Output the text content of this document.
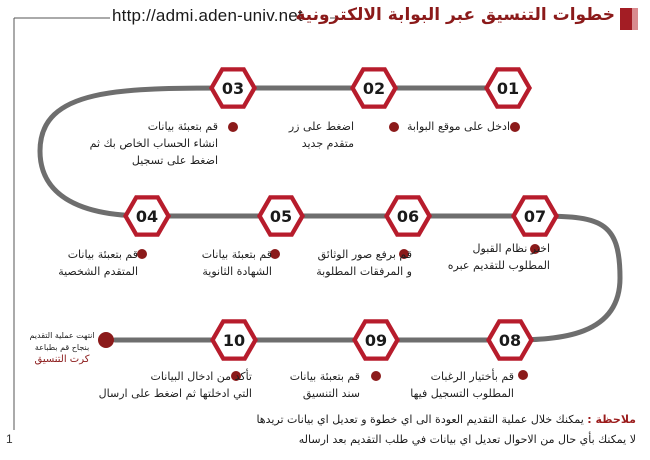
01
02
03
04	05	06	07
08
09
10
http://admi.aden-univ.net
خطوات التنسيق عبر البوابة الالكترونية
ادخل على موقع البوابة
اضغط على زر
متقدم جديد
قم بتعبئة بيانات
انشاء الحساب الخاص بك ثم
اضغط على تسجيل
قم بتعبئة بيانات
المتقدم الشخصية
قم بتعبئة بيانات
الشهادة الثانوية
قم برفع صور الوثائق
و المرفقات المطلوبة
اختر نظام القبول
المطلوب للتقديم عبره
قم بأختيار الرغبات
المطلوب التسجيل فيها
قم بتعبئة بيانات
سند التنسيق
تأكد من ادخال البيانات
التي ادخلتها ثم اضغط على ارسال
انتهت عملية التقديم
بنجاح قم بطباعة
كرت التنسيق
ملاحظة : يمكنك خلال عملية التقديم العودة الى اي خطوة و تعديل اي بيانات تريدها
لا يمكنك بأي حال من الاحوال تعديل اي بيانات في طلب التقديم بعد ارساله
1
